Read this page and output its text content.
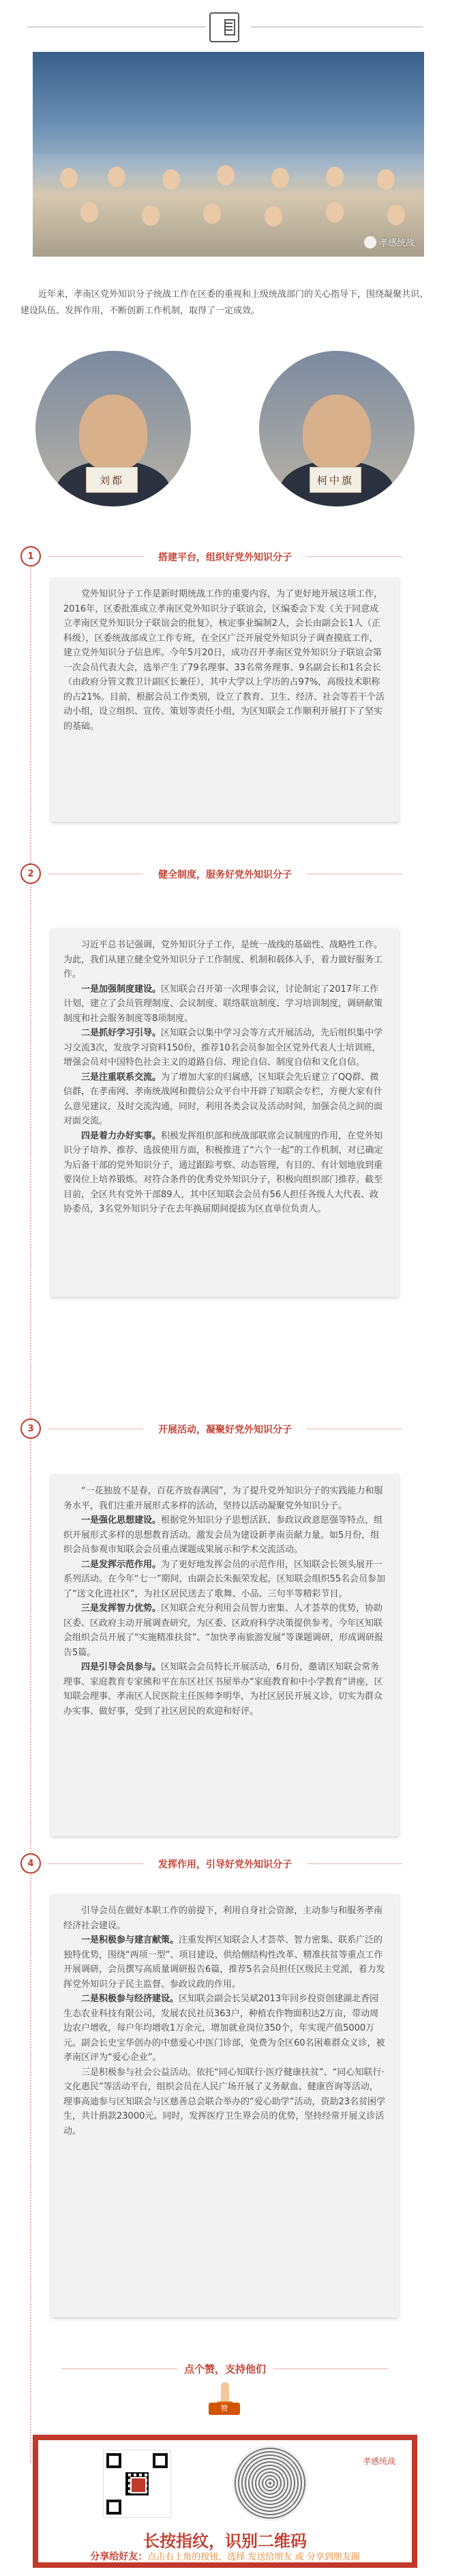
孝感统战

近年来，孝南区党外知识分子统战工作在区委的重视和上级统战部门的关心指导下，围绕凝聚共识、建设队伍、发挥作用，不断创新工作机制，取得了一定成效。

刘都	柯中旗
1	搭建平台，组织好党外知识分子

党外知识分子工作是新时期统战工作的重要内容，为了更好地开展这项工作，2016年，区委批准成立孝南区党外知识分子联谊会，区编委会下发《关于同意成立孝南区党外知识分子联谊会的批复》，核定事业编制2人，会长由副会长1人（正科级），区委统战部成立工作专班，在全区广泛开展党外知识分子调查摸底工作，建立党外知识分子信息库。今年5月20日，成功召开孝南区党外知识分子联谊会第一次会员代表大会，选举产生了79名理事、33名常务理事、9名副会长和1名会长（由政府分管文教卫计副区长兼任），其中大学以上学历的占97%，高级技术职称的占21%。目前，根据会员工作类别，设立了教育、卫生、经济、社会等若干个活动小组，设立组织、宣传、策划等责任小组，为区知联会工作顺利开展打下了坚实的基础。

2	健全制度，服务好党外知识分子

习近平总书记强调，党外知识分子工作，是统一战线的基础性、战略性工作。为此，我们从建立健全党外知识分子工作制度、机制和载体入手，着力做好服务工作。

一是加强制度建设。区知联会召开第一次理事会议，讨论制定了2017年工作计划，建立了会员管理制度、会议制度、联络联谊制度、学习培训制度，调研献策制度和社会服务制度等8项制度。

二是抓好学习引导。区知联会以集中学习会等方式开展活动，先后组织集中学习交流3次，发放学习资料150份，推荐10名会员参加全区党外代表人士培训班，增强会员对中国特色社会主义的道路自信、理论自信、制度自信和文化自信。

三是注重联系交流。为了增加大家的归属感，区知联会先后建立了QQ群、微信群，在孝南网、孝南统战网和微信公众平台中开辟了知联会专栏，方便大家有什么意见建议，及时交流沟通，同时，利用各类会议及活动时间，加强会员之间的面对面交流。

四是着力办好实事。积极发挥组织部和统战部联席会议制度的作用，在党外知识分子培养、推荐、选拔使用方面，积极推进了“六个一起”的工作机制，对已确定为后备干部的党外知识分子，通过跟踪考察、动态管理，有目的、有计划地放到重要岗位上培养锻炼。对符合条件的优秀党外知识分子，积极向组织部门推荐。截至目前，全区共有党外干部89人，其中区知联会会员有56人担任各级人大代表、政协委员，3名党外知识分子在去年换届期间提拔为区直单位负责人。

3	开展活动，凝聚好党外知识分子

“一花独放不是春，百花齐放春满园”，为了提升党外知识分子的实践能力和服务水平，我们注重开展形式多样的活动，坚持以活动凝聚党外知识分子。

一是强化思想建设。根据党外知识分子思想活跃、参政议政意愿强等特点，组织开展形式多样的思想教育活动。激发会员为建设新孝南贡献力量。如5月份，组织会员参观市知联会会员重点课题成果展示和学术交流活动。

二是发挥示范作用。为了更好地发挥会员的示范作用，区知联会长领头展开一系列活动。在今年“七一”期间，由副会长朱振荣发起，区知联会组织55名会员参加了“送文化进社区”，为社区居民送去了歌舞、小品、三句半等精彩节目。

三是发挥智力优势。区知联会充分利用会员智力密集、人才荟萃的优势，协助区委、区政府主动开展调查研究，为区委、区政府科学决策提供参考。今年区知联会组织会员开展了“实施精准扶贫”、“加快孝南旅游发展”等课题调研，形成调研报告5篇。

四是引导会员参与。区知联会会员特长开展活动，6月份，邀请区知联会常务理事、家庭教育专家熊和平在东区社区书屋举办“家庭教育和中小学教育”讲座，区知联会理事、孝南区人民医院主任医师李明华，为社区居民开展义诊，切实为群众办实事、做好事，受到了社区居民的欢迎和好评。

4	发挥作用，引导好党外知识分子

引导会员在做好本职工作的前提下，利用自身社会资源，主动参与和服务孝南经济社会建设。

一是积极参与建言献策。注重发挥区知联会人才荟萃、智力密集、联系广泛的独特优势，围绕“两项一型”、项目建设、供给侧结构性改革、精准扶贫等重点工作开展调研，会员撰写高质量调研报告6篇，推荐5名会员担任区级民主党派，着力发挥党外知识分子民主监督、参政议政的作用。

二是积极参与经济建设。区知联会副会长吴斌2013年回乡投资创建湖北香园生态农业科技有限公司，发展农民社员363户，种植农作物面积达2万亩，带动周边农户增收，每户年均增收1万余元，增加就业岗位350个，年实现产值5000万元。副会长史宝华创办的中慈爱心中医门诊部，免费为全区60名困难群众义诊，被孝南区评为“爱心企业”。

三是积极参与社会公益活动。依托“同心知联行·医疗健康扶贫”、“同心知联行·文化惠民”等活动平台，组织会员在人民广场开展了义务献血、健康咨询等活动，理事高迪参与区知联会与区慈善总会联合举办的“爱心助学”活动，资助23名贫困学生，共计捐款23000元。同时，发挥医疗卫生界会员的优势，坚持经常开展义诊活动。

点个赞，支持他们
赞
孝感统战
长按指纹，识别二维码
分享给好友：点击右上角的按钮，选择 发送给朋友 或 分享到朋友圈
